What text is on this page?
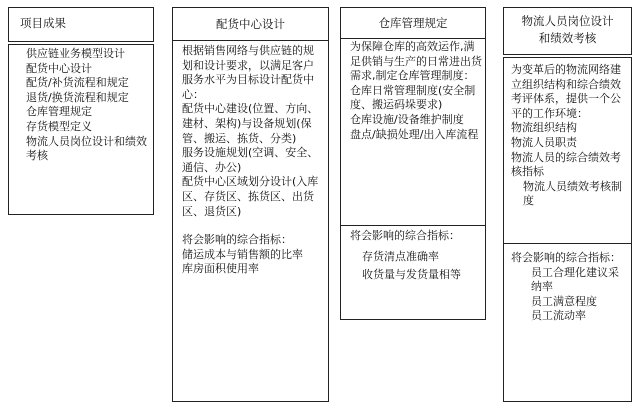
项目成果
供应链业务模型设计
配货中心设计
配货/补货流程和规定
退货/换货流程和规定
仓库管理规定
存货模型定义
物流人员岗位设计和绩效考核
配货中心设计
根据销售网络与供应链的规划和设计要求，以满足客户服务水平为目标设计配货中心：
配货中心建设(位置、方向、建材、架构)与设备规划(保管、搬运、拣货、分类)
服务设施规划(空调、安全、通信、办公)
配货中心区域划分设计(入库区、存货区、拣货区、出货区、退货区)
将会影响的综合指标：
储运成本与销售额的比率
库房面积使用率
仓库管理规定
为保障仓库的高效运作,满足供销与生产的日常进出货需求,制定仓库管理制度：
仓库日常管理制度(安全制度、搬运码垛要求)
仓库设施/设备维护制度
盘点/缺损处理/出入库流程
将会影响的综合指标：
存货清点准确率
收货量与发货量相等
物流人员岗位设计
和绩效考核
为变革后的物流网络建立组织结构和综合绩效考评体系，提供一个公平的工作环境：
物流组织结构
物流人员职责
物流人员的综合绩效考核指标
物流人员绩效考核制度
将会影响的综合指标：
员工合理化建议采纳率
员工满意程度
员工流动率
